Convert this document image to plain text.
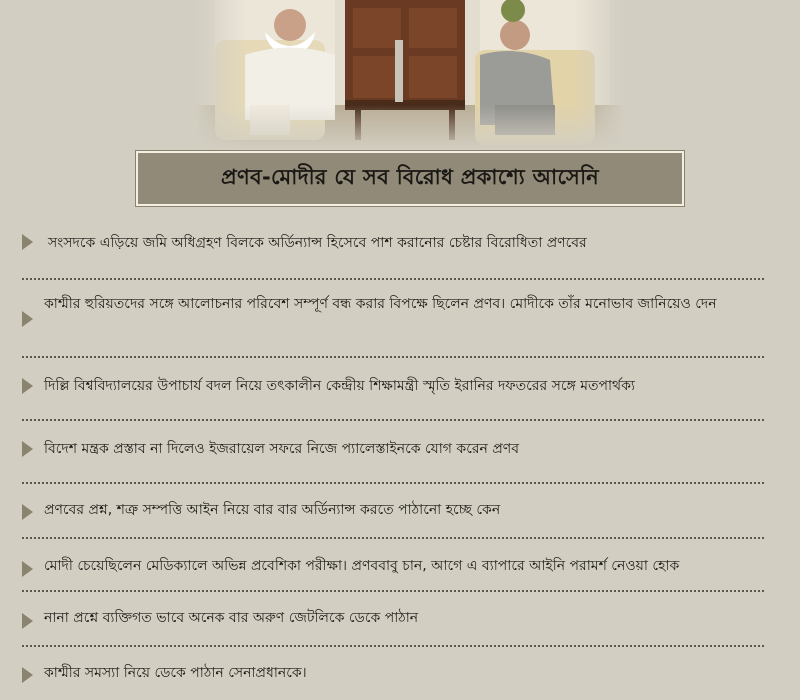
প্রণব-মোদীর যে সব বিরোধ প্রকাশ্যে আসেনি
সংসদকে এড়িয়ে জমি অধিগ্রহণ বিলকে অর্ডিন্যান্স হিসেবে পাশ করানোর চেষ্টার বিরোধিতা প্রণবের
কাশ্মীর হুরিয়তদের সঙ্গে আলোচনার পরিবেশ সম্পূর্ণ বন্ধ করার বিপক্ষে ছিলেন প্রণব। মোদীকে তাঁর মনোভাব জানিয়েও দেন
দিল্লি বিশ্ববিদ্যালয়ের উপাচার্য বদল নিয়ে তৎকালীন কেন্দ্রীয় শিক্ষামন্ত্রী স্মৃতি ইরানির দফতরের সঙ্গে মতপার্থক্য
বিদেশ মন্ত্রক প্রস্তাব না দিলেও ইজরায়েল সফরে নিজে প্যালেস্তাইনকে যোগ করেন প্রণব
প্রণবের প্রশ্ন, শত্রু সম্পত্তি আইন নিয়ে বার বার অর্ডিন্যান্স করতে পাঠানো হচ্ছে কেন
মোদী চেয়েছিলেন মেডিক্যালে অভিন্ন প্রবেশিকা পরীক্ষা। প্রণববাবু চান, আগে এ ব্যাপারে আইনি পরামর্শ নেওয়া হোক
নানা প্রশ্নে ব্যক্তিগত ভাবে অনেক বার অরুণ জেটলিকে ডেকে পাঠান
কাশ্মীর সমস্যা নিয়ে ডেকে পাঠান সেনাপ্রধানকে।
